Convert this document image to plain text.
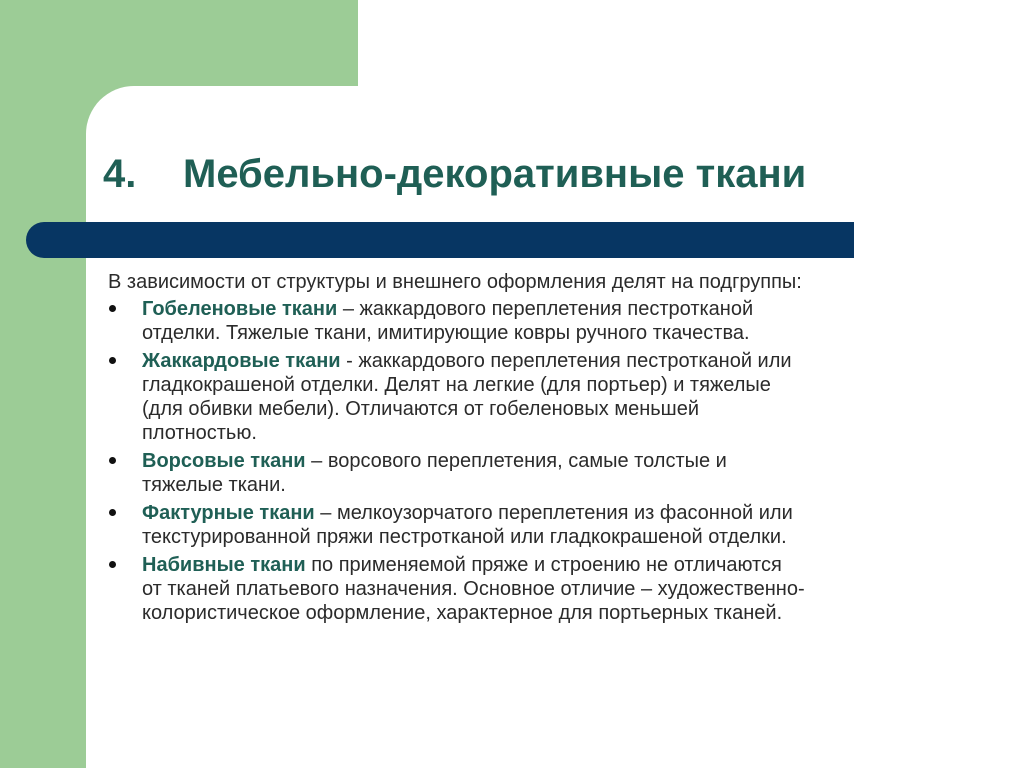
4. Мебельно-декоративные ткани

В зависимости от структуры и внешнего оформления делят на подгруппы:

Гобеленовые ткани – жаккардового переплетения пестротканой
отделки. Тяжелые ткани, имитирующие ковры ручного ткачества.
Жаккардовые ткани - жаккардового переплетения пестротканой или
гладкокрашеной отделки. Делят на легкие (для портьер) и тяжелые
(для обивки мебели). Отличаются от гобеленовых меньшей
плотностью.
Ворсовые ткани – ворсового переплетения, самые толстые и
тяжелые ткани.
Фактурные ткани – мелкоузорчатого переплетения из фасонной или
текстурированной пряжи пестротканой или гладкокрашеной отделки.
Набивные ткани по применяемой пряже и строению не отличаются
от тканей платьевого назначения. Основное отличие – художественно-
колористическое оформление, характерное для портьерных тканей.
